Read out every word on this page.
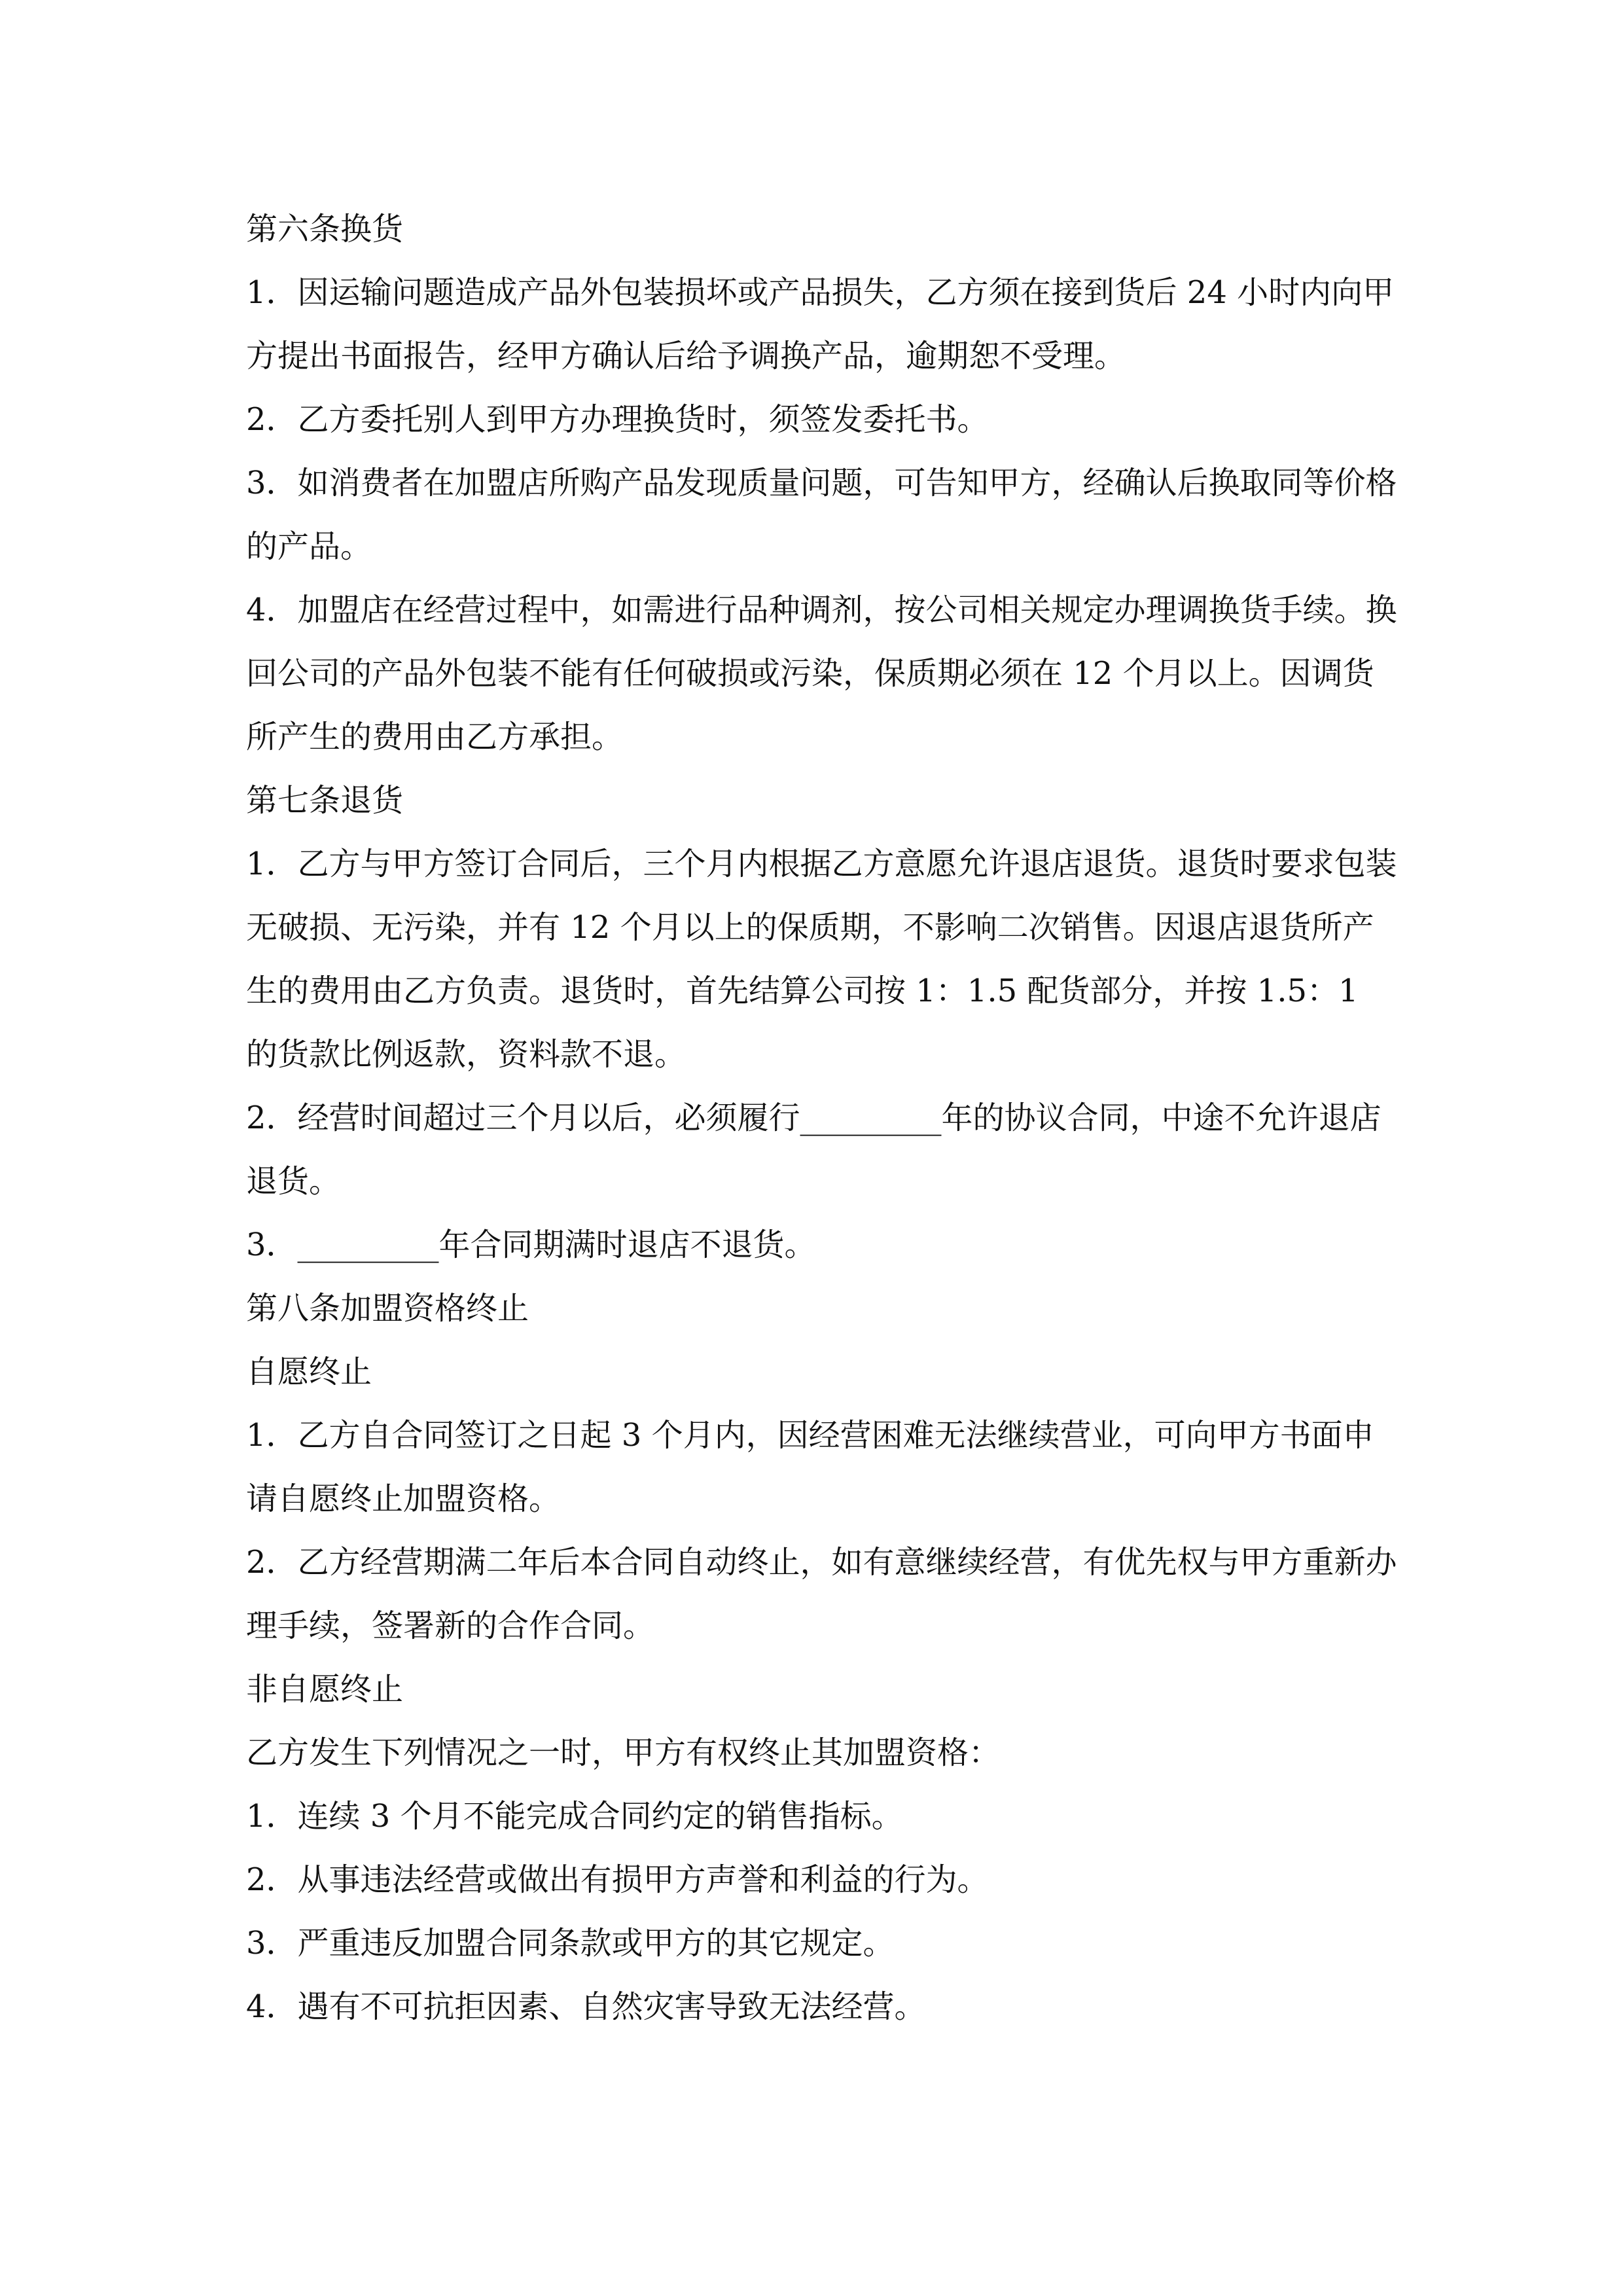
第六条换货

1．因运输问题造成产品外包装损坏或产品损失，乙方须在接到货后 24 小时内向甲方提出书面报告，经甲方确认后给予调换产品，逾期恕不受理。

2．乙方委托别人到甲方办理换货时，须签发委托书。

3．如消费者在加盟店所购产品发现质量问题，可告知甲方，经确认后换取同等价格的产品。

4．加盟店在经营过程中，如需进行品种调剂，按公司相关规定办理调换货手续。换回公司的产品外包装不能有任何破损或污染，保质期必须在 12 个月以上。因调货所产生的费用由乙方承担。

第七条退货

1．乙方与甲方签订合同后，三个月内根据乙方意愿允许退店退货。退货时要求包装无破损、无污染，并有 12 个月以上的保质期，不影响二次销售。因退店退货所产生的费用由乙方负责。退货时，首先结算公司按 1：1.5 配货部分，并按 1.5：1 的货款比例返款，资料款不退。

2．经营时间超过三个月以后，必须履行_________年的协议合同，中途不允许退店退货。

3．_________年合同期满时退店不退货。

第八条加盟资格终止

自愿终止

1．乙方自合同签订之日起 3 个月内，因经营困难无法继续营业，可向甲方书面申请自愿终止加盟资格。

2．乙方经营期满二年后本合同自动终止，如有意继续经营，有优先权与甲方重新办理手续，签署新的合作合同。

非自愿终止

乙方发生下列情况之一时，甲方有权终止其加盟资格：

1．连续 3 个月不能完成合同约定的销售指标。

2．从事违法经营或做出有损甲方声誉和利益的行为。

3．严重违反加盟合同条款或甲方的其它规定。

4．遇有不可抗拒因素、自然灾害导致无法经营。
